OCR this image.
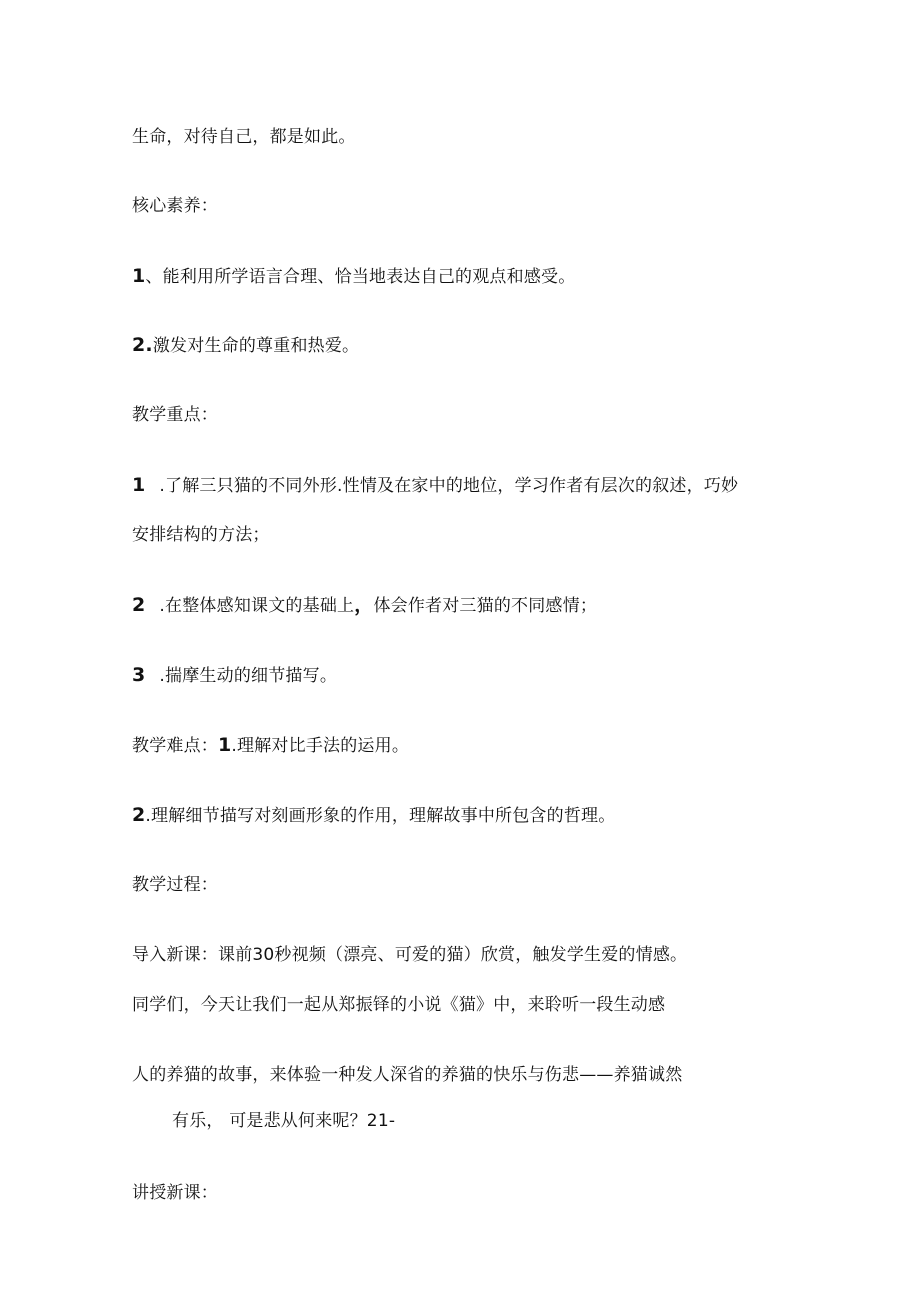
生命，对待自己，都是如此。
核心素养：
1、能利用所学语言合理、恰当地表达自己的观点和感受。
2.激发对生命的尊重和热爱。
教学重点：
1 .了解三只猫的不同外形.性情及在家中的地位，学习作者有层次的叙述，巧妙
安排结构的方法；
2 .在整体感知课文的基础上，体会作者对三猫的不同感情；
3 .揣摩生动的细节描写。
教学难点：1.理解对比手法的运用。
2.理解细节描写对刻画形象的作用，理解故事中所包含的哲理。
教学过程：
导入新课：课前30秒视频（漂亮、可爱的猫）欣赏，触发学生爱的情感。
同学们，今天让我们一起从郑振铎的小说《猫》中，来聆听一段生动感
人的养猫的故事，来体验一种发人深省的养猫的快乐与伤悲——养猫诚然
有乐， 可是悲从何来呢？21-
讲授新课：
